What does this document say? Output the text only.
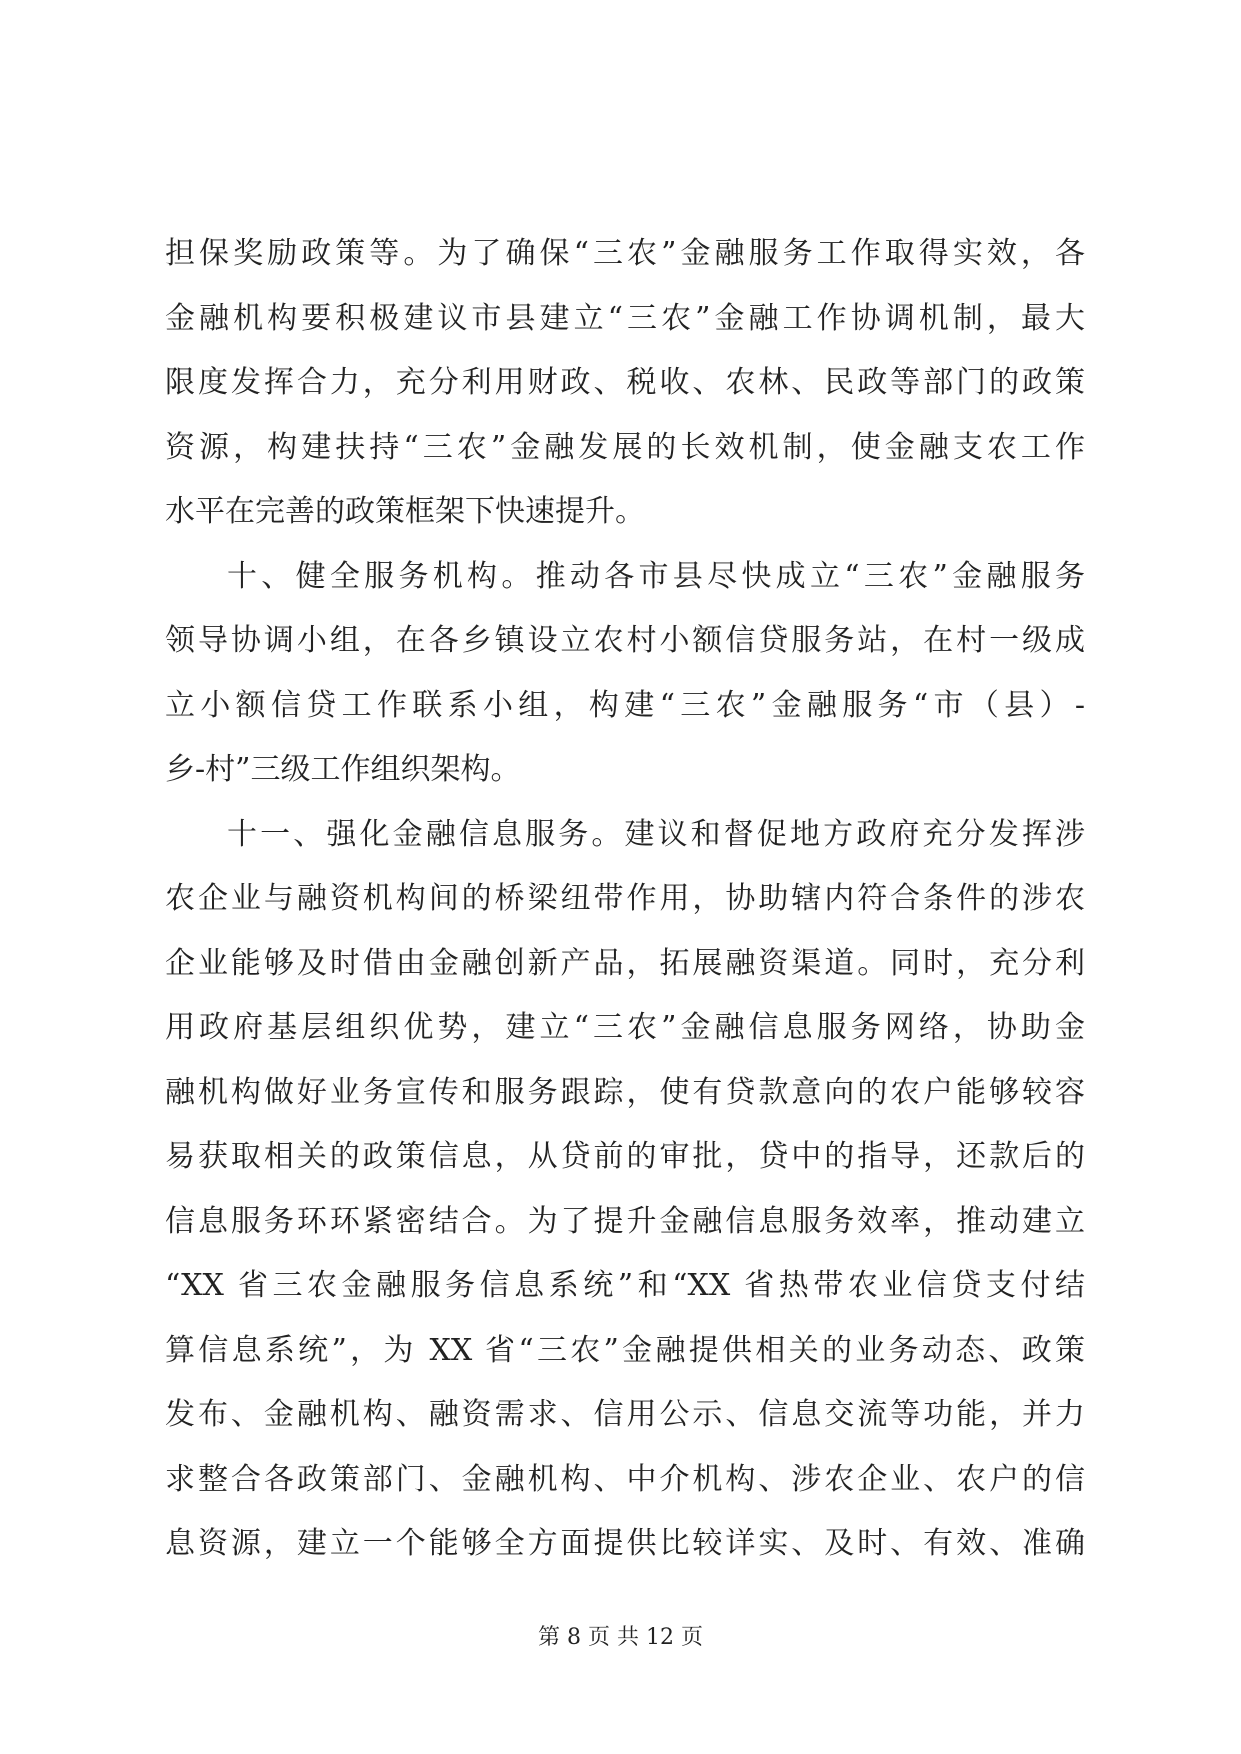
担保奖励政策等。为了确保“三农”金融服务工作取得实效，各
金融机构要积极建议市县建立“三农”金融工作协调机制，最大
限度发挥合力，充分利用财政、税收、农林、民政等部门的政策
资源，构建扶持“三农”金融发展的长效机制，使金融支农工作
水平在完善的政策框架下快速提升。
十、健全服务机构。推动各市县尽快成立“三农”金融服务
领导协调小组，在各乡镇设立农村小额信贷服务站，在村一级成
立小额信贷工作联系小组，构建“三农”金融服务“市（县）-
乡-村”三级工作组织架构。
十一、强化金融信息服务。建议和督促地方政府充分发挥涉
农企业与融资机构间的桥梁纽带作用，协助辖内符合条件的涉农
企业能够及时借由金融创新产品，拓展融资渠道。同时，充分利
用政府基层组织优势，建立“三农”金融信息服务网络，协助金
融机构做好业务宣传和服务跟踪，使有贷款意向的农户能够较容
易获取相关的政策信息，从贷前的审批，贷中的指导，还款后的
信息服务环环紧密结合。为了提升金融信息服务效率，推动建立
“XX 省三农金融服务信息系统”和“XX 省热带农业信贷支付结
算信息系统”，为 XX 省“三农”金融提供相关的业务动态、政策
发布、金融机构、融资需求、信用公示、信息交流等功能，并力
求整合各政策部门、金融机构、中介机构、涉农企业、农户的信
息资源，建立一个能够全方面提供比较详实、及时、有效、准确
第 8 页 共 12 页
